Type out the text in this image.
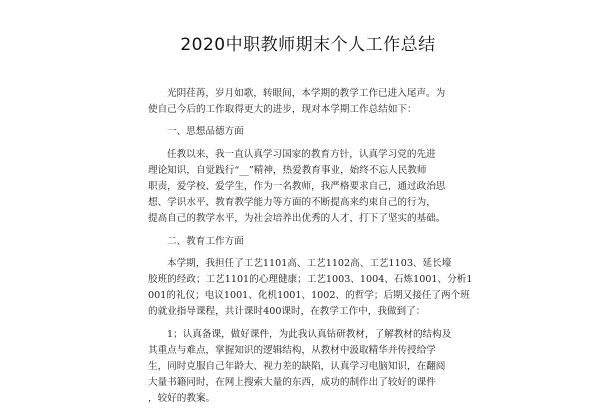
2020中职教师期末个人工作总结

光阴荏苒，岁月如歌，转眼间，本学期的教学工作已进入尾声。为
使自己今后的工作取得更大的进步，现对本学期工作总结如下：

一、思想品德方面

任教以来，我一直认真学习国家的教育方针，认真学习党的先进
理论知识，自觉践行“__”精神，热爱教育事业，始终不忘人民教师
职责，爱学校、爱学生，作为一名教师，我严格要求自己，通过政治思
想、学识水平、教育教学能力等方面的不断提高来约束自己的行为，
提高自己的教学水平，为社会培养出优秀的人才，打下了坚实的基础。

二、教育工作方面

本学期，我担任了工艺1101高、工艺1102高、工艺1103、延长壕
胶班的经政；工艺1101的心理健康；工艺1003、1004、石炼1001、分析1
001的礼仪；电议1001、化机1001、1002、的哲学；后期又接任了两个班
的就业指导课程，共计课时400课时，在教学工作中，我做到了：

1；认真备课，做好课件，为此我认真钻研教材，了解教材的结构及
其重点与难点，掌握知识的逻辑结构，从教材中汲取精华并传授给学
生，同时克服自己年龄大、视力差的缺陷，认真学习电脑知识，在翻阅
大量书籍同时，在网上搜索大量的东西，成功的制作出了较好的课件
，较好的教案。
